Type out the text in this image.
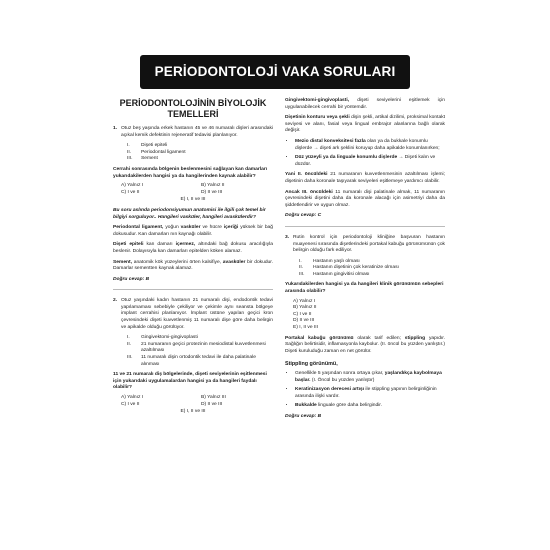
PERİODONTOLOJİ VAKA SORULARI
PERİODONTOLOJİNİN BİYOLOJİK TEMELLERİ
1. Otuz beş yaşında erkek hastanın 45 ve 46 numaralı dişleri arasındaki açıkal kemik defektinin rejeneratif tedavisi planlanıyor.

I.	Dişeti epiteli
II.	Periodontal ligament
III.	Sement
Cerrahi sonrasında bölgenin beslenmesini sağlayan kan damarları yukarıdakilerden hangisi ya da hangilerinden kaynak alabilir?
A) Yalnız I	B) Yalnız II
C) I ve II	D) II ve III
E) I, II ve III
Bu soru aslında periodonsiyumun anatomisi ile ilgili çok temel bir bilgiyi sorguluyor.. Hangileri vasküler, hangileri avaskülerdir?

Periodontal ligament, yoğun vasküler ve hücre içeriği yüksek bir bağ dokusudur. Kan damarları nın kaynağı olabilir.

Dişeti epiteli kan damarı içermez, altındaki bağ dokusu aracılığıyla beslenir. Dolayısıyla kan damarları epitelden köken alamaz.

Sement, anatomik kök yüzeylerini örten kalsifiye, avasküler bir dokudur. Damarlar sementten kaynak alamaz.

Doğru cevap: B
2. Otuz yaşındaki kadın hastanın 21 numaralı dişi, endodontik tedavi yapılamaması sebebiyle çekiliyor ve çekimle aynı seansta bölgeye implant cerrahisi planlanıyor. İmplant üstüne yapılan geçici kron çevresindeki dişeti kuvvetlenmiş 11 numaralı dişe göre daha belirgin ve apikalde olduğu görülüyor.

I.	Gingivektomi-gingivoplasti
II.	21 numaranın geçici protezinin mesiodistal kuvvetlenmesi azaltılması
III.	11 numaralı dişin ortodontik tedavi ile daha palatinale alınması
11 ve 21 numaralı diş bölgelerinde, dişeti seviyelerinin eşitlenmesi için yukarıdaki uygulamalardan hangisi ya da hangileri faydalı olabilir?
A) Yalnız I	B) Yalnız III
C) I ve II	D) II ve III
E) I, II ve III

Gingivektomi-gingivoplasti, dişeti seviyelerini eşitlemek için uygulanabilecek cerrahi bir yöntemdir.

Dişetinin konturu veya şekli dişin şekli, artikal dizilimi, proksimal kontakt seviyesi ve alanı, fasial veya lingual embrajür alanlarına bağlı olarak değişir.

• Mezio distal konveksitesi fazla olan ya da bukkale konumlu dişlerde → dişeti ark şeklini koruyup daha apikalde konumlanırken;
• Düz yüzeyli ya da linguale konumlu dişlerde → Dişeti kalın ve düzdür.

Yani II. öncüldeki 21 numaranın kuvvetlenmesinin azaltılması işlemi; dişetinin daha koronale taşıyarak seviyeleri eşitlemeye yardımcı olabilir.

Ancak III. öncüldeki 11 numaralı dişi palatinale almak, 11 numaranın çevresindeki dişetini daha da koronale alacağı için asimetriyi daha da şiddetlendirir ve uygun olmaz.

Doğru cevap: C
3. Rutin kontrol için periodontoloji kliniğine başvuran hastanın muayenesi sırasında dişetlerindeki portakal kabuğu görünümünün çok belirgin olduğu fark ediliyor.

I.	Hastanın yaşlı olması
II.	Hastanın dişetinin çok keratinize olması
III.	Hastanın gingivitisi olması
Yukarıdakilerden hangisi ya da hangileri klinik görünümün sebepleri arasında olabilir?
A) Yalnız I
B) Yalnız II
C) I ve II
D) II ve III
E) I, II ve III

Portakal kabuğu görünümü olarak tarif edilen; stippling yapıdır. Sağlığın belirtisidir, inflamasyonla kaybolur. (II. öncül bu yüzden yanlıştır.) Dişeti kuruluduğu zaman en net görülür.

Stippling görünümü,
• Genellikle 5 yaşından sonra ortaya çıkar, yaşlandıkça kaybolmaya başlar. (I. Öncül bu yüzden yanlıştır)
• Keratinizasyon derecesi artışı ile stippling yapının belirginliğinin arasında ilişki vardır.
• Bukkalde linguale göre daha belirgindir.
Doğru cevap: B
